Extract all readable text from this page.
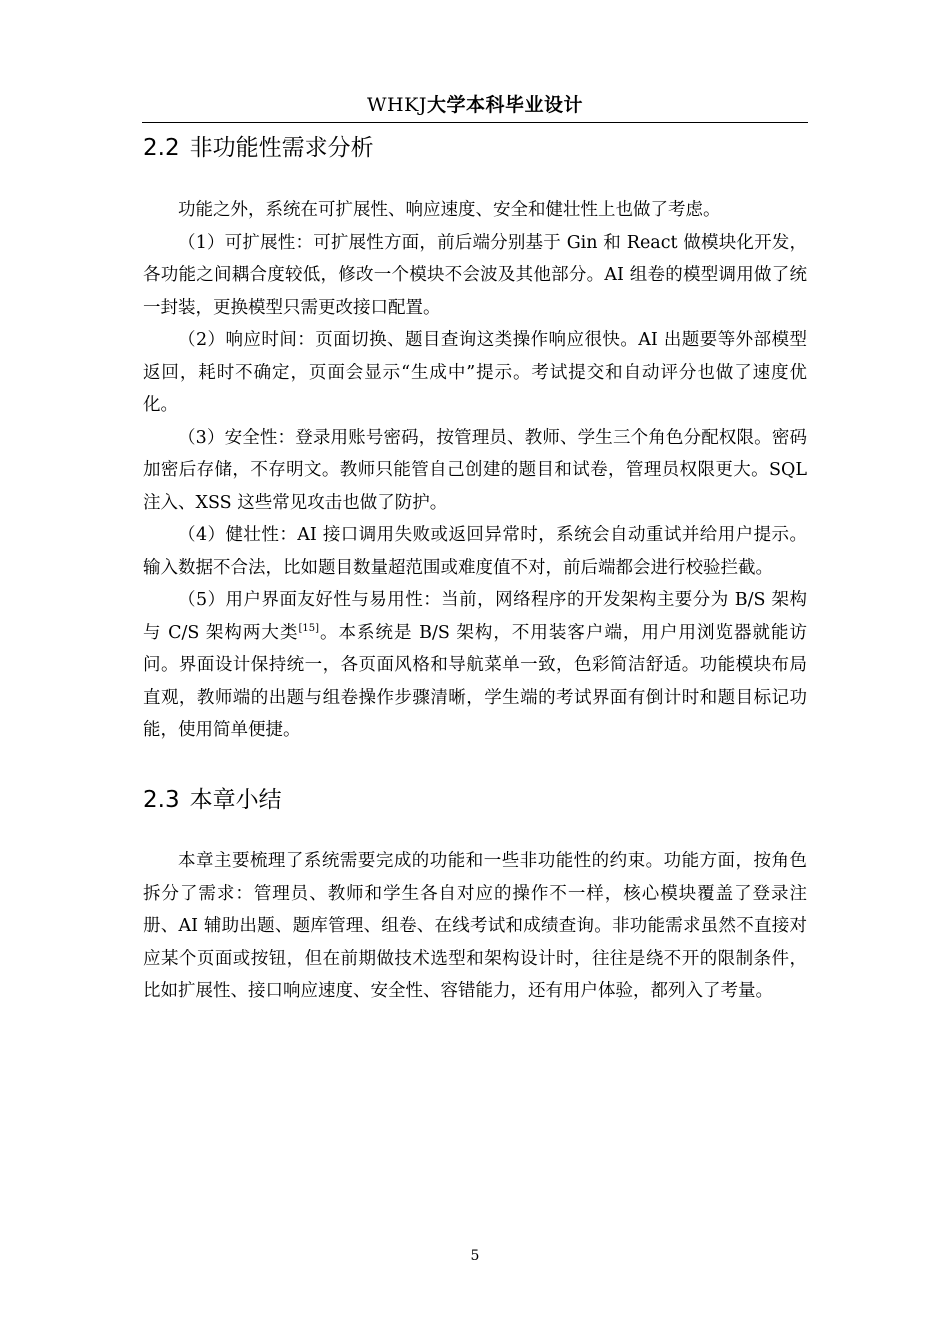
WHKJ大学本科毕业设计
2.2 非功能性需求分析

功能之外，系统在可扩展性、响应速度、安全和健壮性上也做了考虑。

（1）可扩展性：可扩展性方面，前后端分别基于 Gin 和 React 做模块化开发，各功能之间耦合度较低，修改一个模块不会波及其他部分。AI 组卷的模型调用做了统一封装，更换模型只需更改接口配置。

（2）响应时间：页面切换、题目查询这类操作响应很快。AI 出题要等外部模型返回，耗时不确定，页面会显示“生成中”提示。考试提交和自动评分也做了速度优化。

（3）安全性：登录用账号密码，按管理员、教师、学生三个角色分配权限。密码加密后存储，不存明文。教师只能管自己创建的题目和试卷，管理员权限更大。SQL 注入、XSS 这些常见攻击也做了防护。

（4）健壮性：AI 接口调用失败或返回异常时，系统会自动重试并给用户提示。输入数据不合法，比如题目数量超范围或难度值不对，前后端都会进行校验拦截。

（5）用户界面友好性与易用性：当前，网络程序的开发架构主要分为 B/S 架构与 C/S 架构两大类[15]。本系统是 B/S 架构，不用装客户端，用户用浏览器就能访问。界面设计保持统一，各页面风格和导航菜单一致，色彩简洁舒适。功能模块布局直观，教师端的出题与组卷操作步骤清晰，学生端的考试界面有倒计时和题目标记功能，使用简单便捷。

2.3 本章小结

本章主要梳理了系统需要完成的功能和一些非功能性的约束。功能方面，按角色拆分了需求：管理员、教师和学生各自对应的操作不一样，核心模块覆盖了登录注册、AI 辅助出题、题库管理、组卷、在线考试和成绩查询。非功能需求虽然不直接对应某个页面或按钮，但在前期做技术选型和架构设计时，往往是绕不开的限制条件，比如扩展性、接口响应速度、安全性、容错能力，还有用户体验，都列入了考量。

5
